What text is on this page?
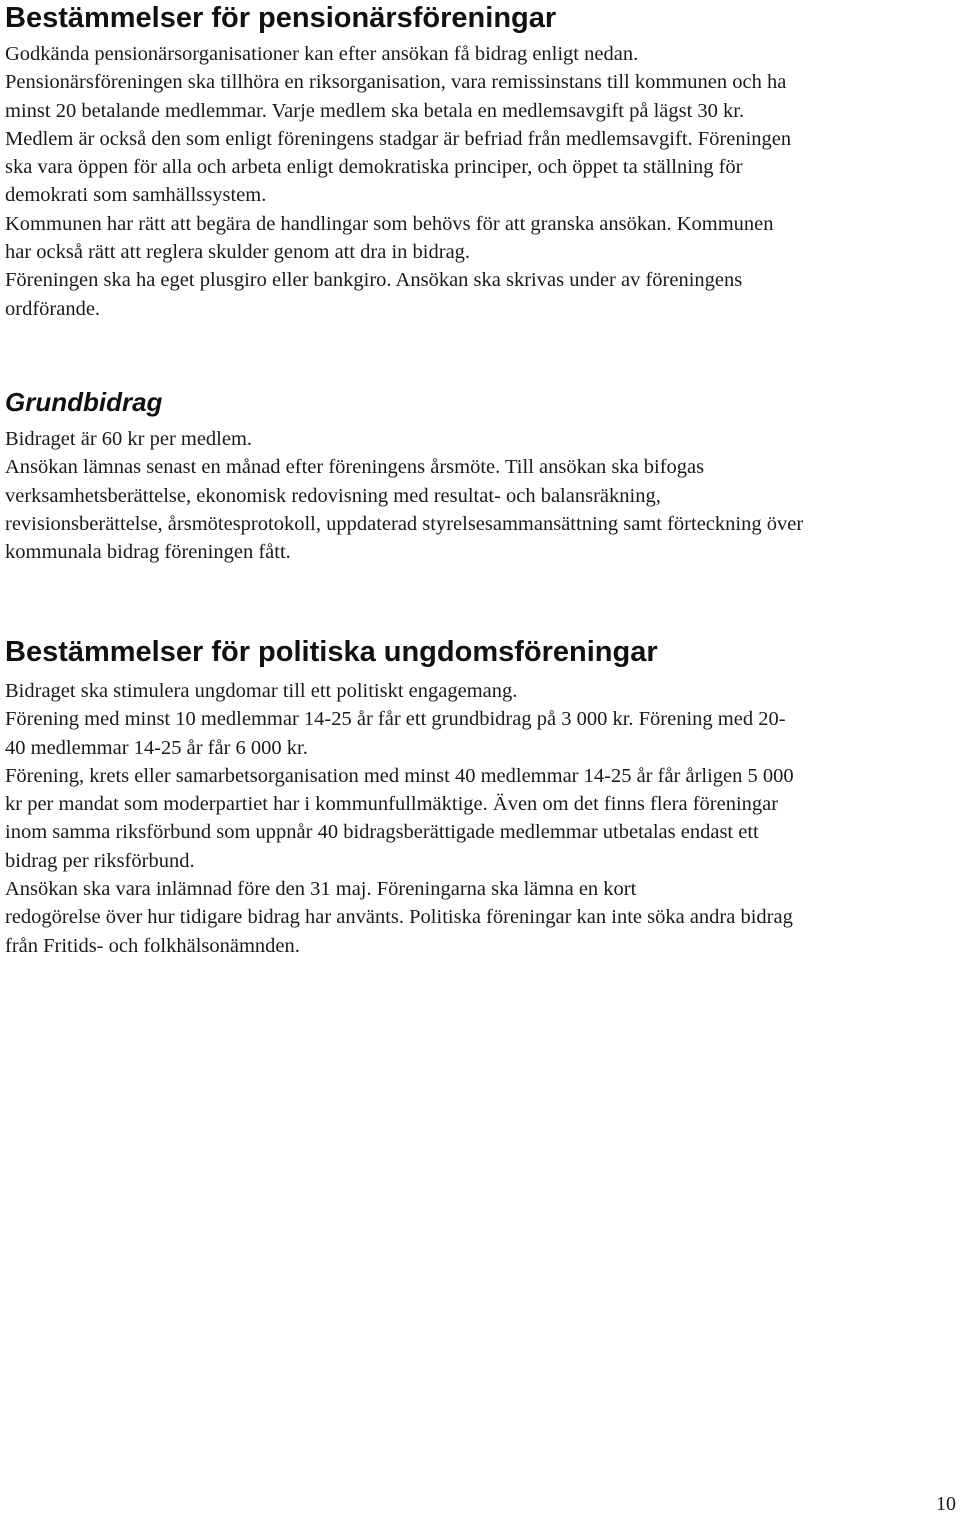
Bestämmelser för pensionärsföreningar
Godkända pensionärsorganisationer kan efter ansökan få bidrag enligt nedan.
Pensionärsföreningen ska tillhöra en riksorganisation, vara remissinstans till kommunen och ha
minst 20 betalande medlemmar. Varje medlem ska betala en medlemsavgift på lägst 30 kr.
Medlem är också den som enligt föreningens stadgar är befriad från medlemsavgift. Föreningen
ska vara öppen för alla och arbeta enligt demokratiska principer, och öppet ta ställning för
demokrati som samhällssystem.
Kommunen har rätt att begära de handlingar som behövs för att granska ansökan. Kommunen
har också rätt att reglera skulder genom att dra in bidrag.
Föreningen ska ha eget plusgiro eller bankgiro. Ansökan ska skrivas under av föreningens
ordförande.
Grundbidrag
Bidraget är 60 kr per medlem.
Ansökan lämnas senast en månad efter föreningens årsmöte. Till ansökan ska bifogas
verksamhetsberättelse, ekonomisk redovisning med resultat- och balansräkning,
revisionsberättelse, årsmötesprotokoll, uppdaterad styrelsesammansättning samt förteckning över
kommunala bidrag föreningen fått.
Bestämmelser för politiska ungdomsföreningar
Bidraget ska stimulera ungdomar till ett politiskt engagemang.
Förening med minst 10 medlemmar 14-25 år får ett grundbidrag på 3 000 kr. Förening med 20-
40 medlemmar 14-25 år får 6 000 kr.
Förening, krets eller samarbetsorganisation med minst 40 medlemmar 14-25 år får årligen 5 000
kr per mandat som moderpartiet har i kommunfullmäktige. Även om det finns flera föreningar
inom samma riksförbund som uppnår 40 bidragsberättigade medlemmar utbetalas endast ett
bidrag per riksförbund.
Ansökan ska vara inlämnad före den 31 maj. Föreningarna ska lämna en kort
redogörelse över hur tidigare bidrag har använts. Politiska föreningar kan inte söka andra bidrag
från Fritids- och folkhälsonämnden.
10
